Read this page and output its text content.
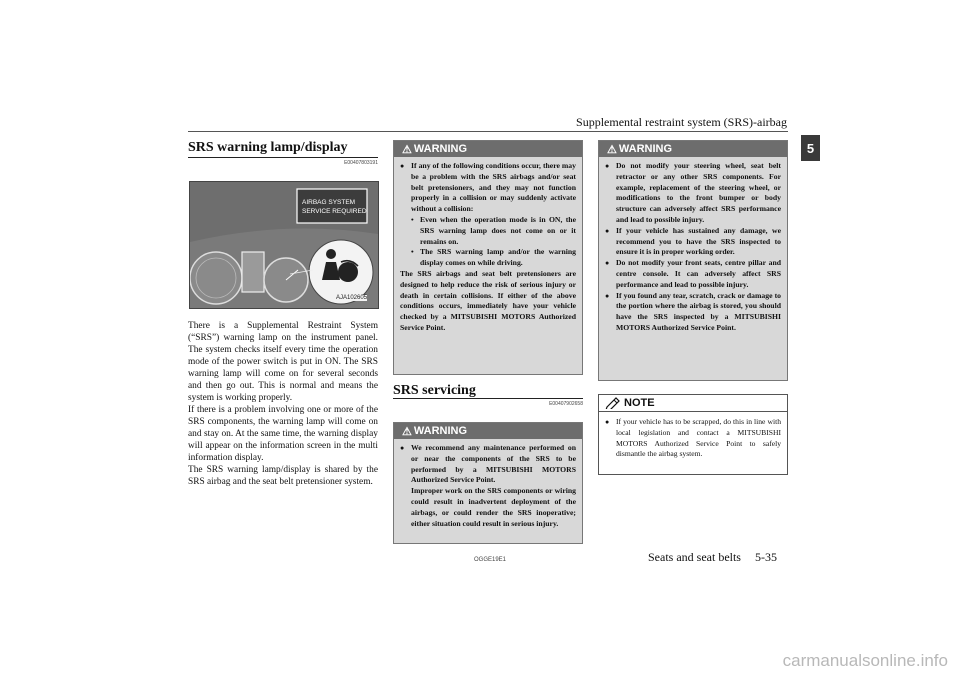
Supplemental restraint system (SRS)-airbag
5
SRS warning lamp/display
E00407803191
AIRBAG SYSTEM
SERVICE REQUIRED
AJA102605

There is a Supplemental Restraint System (“SRS”) warning lamp on the instrument panel. The system checks itself every time the operation mode of the power switch is put in ON. The SRS warning lamp will come on for several seconds and then go out. This is normal and means the system is working properly.

If there is a problem involving one or more of the SRS components, the warning lamp will come on and stay on. At the same time, the warning display will appear on the information screen in the multi information display.

The SRS warning lamp/display is shared by the SRS airbag and the seat belt pretensioner system.

⚠ WARNING
● If any of the following conditions occur, there may be a problem with the SRS airbags and/or seat belt pretensioners, and they may not function properly in a collision or may suddenly activate without a collision:
• Even when the operation mode is in ON, the SRS warning lamp does not come on or it remains on.
• The SRS warning lamp and/or the warning display comes on while driving.
The SRS airbags and seat belt pretensioners are designed to help reduce the risk of serious injury or death in certain collisions. If either of the above conditions occurs, immediately have your vehicle checked by a MITSUBISHI MOTORS Authorized Service Point.
SRS servicing
E00407902658
⚠ WARNING
● We recommend any maintenance performed on or near the components of the SRS to be performed by a MITSUBISHI MOTORS Authorized Service Point.
Improper work on the SRS components or wiring could result in inadvertent deployment of the airbags, or could render the SRS inoperative; either situation could result in serious injury.
⚠ WARNING
● Do not modify your steering wheel, seat belt retractor or any other SRS components. For example, replacement of the steering wheel, or modifications to the front bumper or body structure can adversely affect SRS performance and lead to possible injury.
● If your vehicle has sustained any damage, we recommend you to have the SRS inspected to ensure it is in proper working order.
● Do not modify your front seats, centre pillar and centre console. It can adversely affect SRS performance and lead to possible injury.
● If you found any tear, scratch, crack or damage to the portion where the airbag is stored, you should have the SRS inspected by a MITSUBISHI MOTORS Authorized Service Point.
NOTE
● If your vehicle has to be scrapped, do this in line with local legislation and contact a MITSUBISHI MOTORS Authorized Service Point to safely dismantle the airbag system.
OGGE19E1	Seats and seat belts 5-35
carmanualsonline.info
